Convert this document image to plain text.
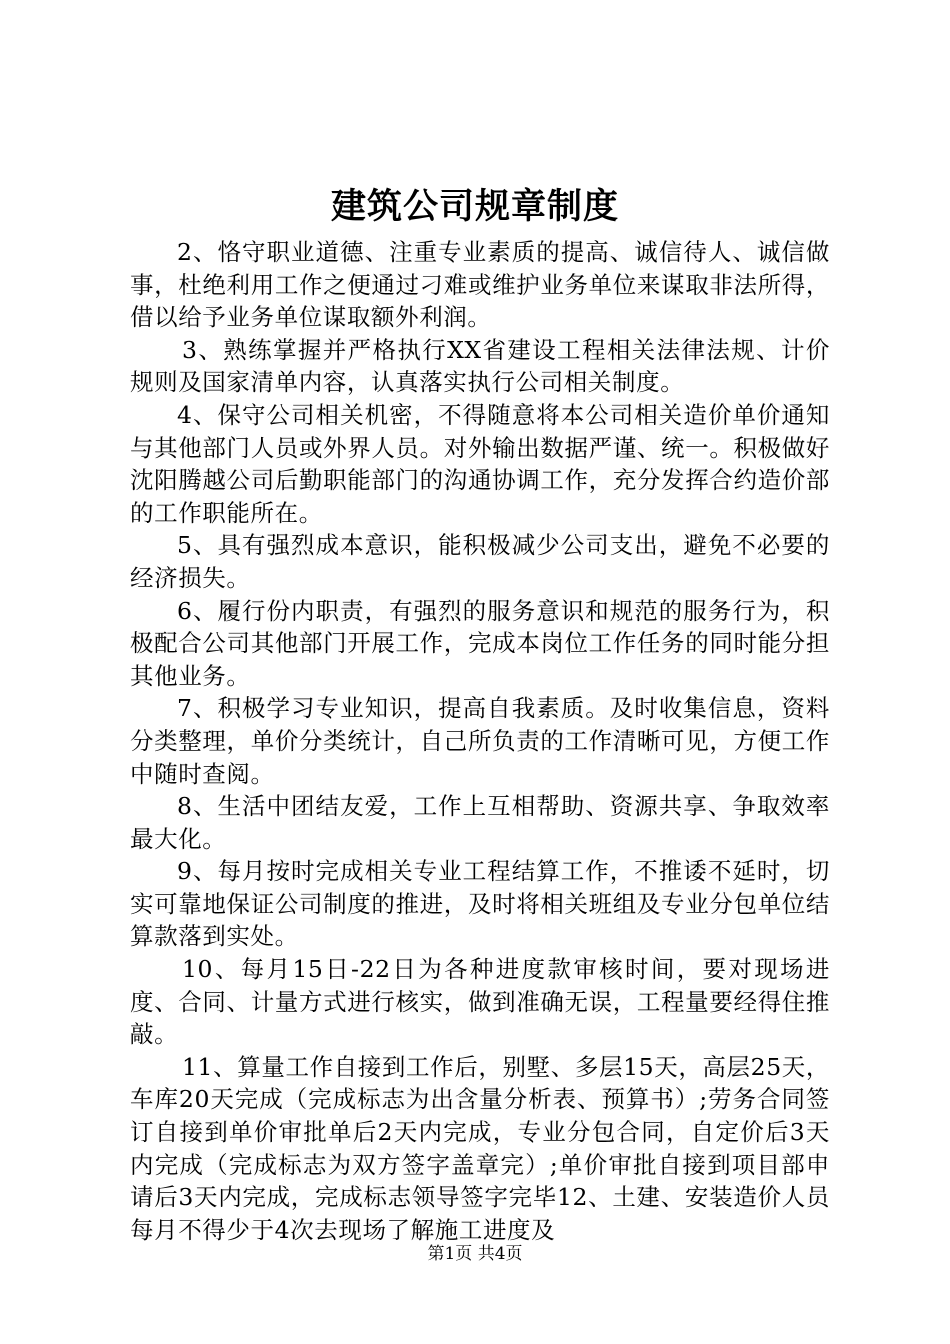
建筑公司规章制度

2、恪守职业道德、注重专业素质的提高、诚信待人、诚信做事，杜绝利用工作之便通过刁难或维护业务单位来谋取非法所得，借以给予业务单位谋取额外利润。

3、熟练掌握并严格执行XX省建设工程相关法律法规、计价规则及国家清单内容，认真落实执行公司相关制度。

4、保守公司相关机密，不得随意将本公司相关造价单价通知与其他部门人员或外界人员。对外输出数据严谨、统一。积极做好沈阳腾越公司后勤职能部门的沟通协调工作，充分发挥合约造价部的工作职能所在。

5、具有强烈成本意识，能积极减少公司支出，避免不必要的经济损失。

6、履行份内职责，有强烈的服务意识和规范的服务行为，积极配合公司其他部门开展工作，完成本岗位工作任务的同时能分担其他业务。

7、积极学习专业知识，提高自我素质。及时收集信息，资料分类整理，单价分类统计，自己所负责的工作清晰可见，方便工作中随时查阅。

8、生活中团结友爱，工作上互相帮助、资源共享、争取效率最大化。

9、每月按时完成相关专业工程结算工作，不推诿不延时，切实可靠地保证公司制度的推进，及时将相关班组及专业分包单位结算款落到实处。

10、每月15日-22日为各种进度款审核时间，要对现场进度、合同、计量方式进行核实，做到准确无误，工程量要经得住推敲。

11、算量工作自接到工作后，别墅、多层15天，高层25天，车库20天完成（完成标志为出含量分析表、预算书）;劳务合同签订自接到单价审批单后2天内完成，专业分包合同，自定价后3天内完成（完成标志为双方签字盖章完）;单价审批自接到项目部申请后3天内完成，完成标志领导签字完毕12、土建、安装造价人员每月不得少于4次去现场了解施工进度及

第1页 共4页
